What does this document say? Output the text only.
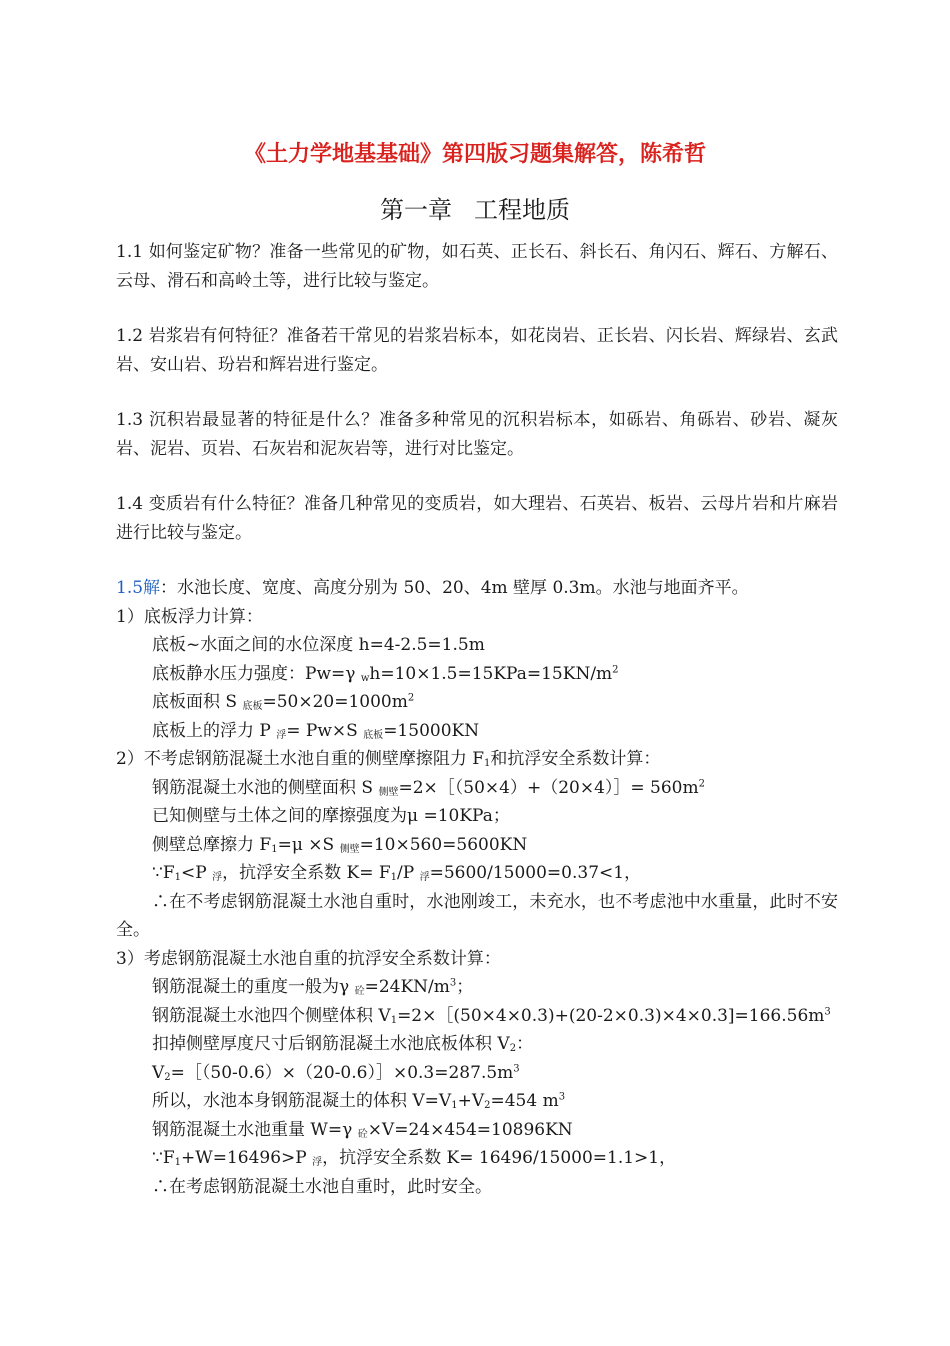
《土力学地基基础》第四版习题集解答，陈希哲
第一章 工程地质

1.1 如何鉴定矿物？准备一些常见的矿物，如石英、正长石、斜长石、角闪石、辉石、方解石、云母、滑石和高岭土等，进行比较与鉴定。

1.2 岩浆岩有何特征？准备若干常见的岩浆岩标本，如花岗岩、正长岩、闪长岩、辉绿岩、玄武岩、安山岩、玢岩和辉岩进行鉴定。

1.3 沉积岩最显著的特征是什么？准备多种常见的沉积岩标本，如砾岩、角砾岩、砂岩、凝灰岩、泥岩、页岩、石灰岩和泥灰岩等，进行对比鉴定。

1.4 变质岩有什么特征？准备几种常见的变质岩，如大理岩、石英岩、板岩、云母片岩和片麻岩进行比较与鉴定。

1.5解：水池长度、宽度、高度分别为 50、20、4m 壁厚 0.3m。水池与地面齐平。
1）底板浮力计算：
底板~水面之间的水位深度 h=4-2.5=1.5m
底板静水压力强度：Pw=γ $_wh=10\times 1.5=15KPa=15KN/m^2$
底板面积 S $_{底板}=50\times 20=1000m^2$
底板上的浮力 P $_浮$= Pw×S $_{底板}$=15000KN
2）不考虑钢筋混凝土水池自重的侧壁摩擦阻力 $F_1$和抗浮安全系数计算：
钢筋混凝土水池的侧壁面积 S $_{侧壁}$=2×［（50×4）+（20×4）］= $560m^2$
已知侧壁与土体之间的摩擦强度为μ =10KPa；
侧壁总摩擦力 $F_1=\mu \times S$ $_{侧壁}$=10×560=5600KN
$\because F_1<P$ $_浮$，抗浮安全系数 $K= F_1/P$ $_浮$=5600/15000=0.37<1，
∴在不考虑钢筋混凝土水池自重时，水池刚竣工，未充水，也不考虑池中水重量，此时不安全。
3）考虑钢筋混凝土水池自重的抗浮安全系数计算：
钢筋混凝土的重度一般为γ $_砼=24KN/m^3$；
钢筋混凝土水池四个侧壁体积 $V_1=2\times[(50\times 4\times 0.3)+(20-2\times 0.3)\times 4\times 0.3]=166.56m^3$
扣掉侧壁厚度尺寸后钢筋混凝土水池底板体积 $V_2$：
$V_2=[(50-0.6)\times(20-0.6)]\times 0.3=287.5m^3$
所以，水池本身钢筋混凝土的体积 $V=V_1+V_2=454$ $m^3$
钢筋混凝土水池重量 W=γ $_砼$×V=24×454=10896KN
$\because F_1+W=16496>P$ $_浮$，抗浮安全系数 K= 16496/15000=1.1>1，
∴在考虑钢筋混凝土水池自重时，此时安全。
